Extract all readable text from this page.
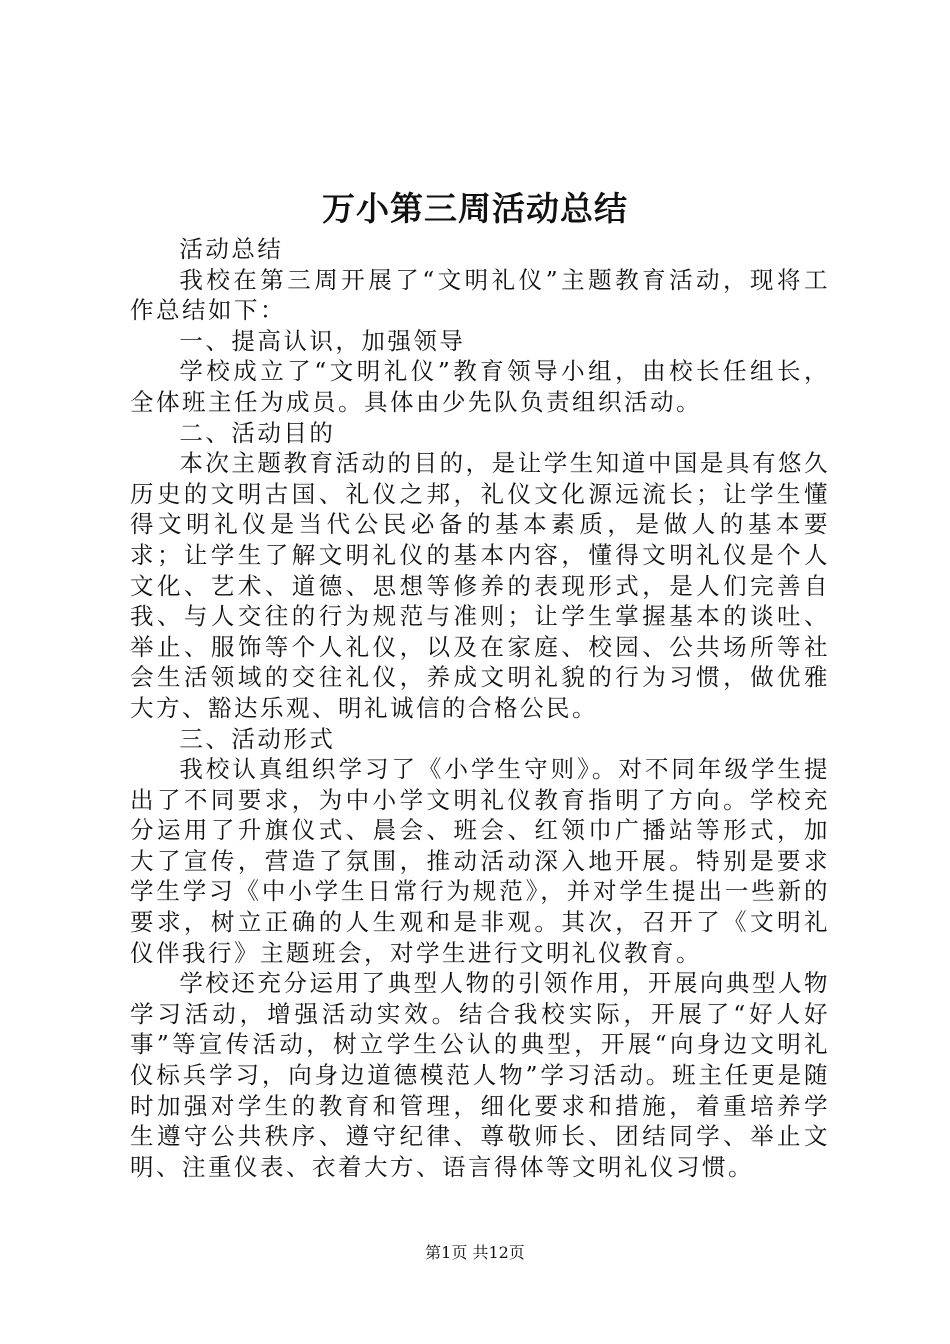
万小第三周活动总结

活动总结

我校在第三周开展了“文明礼仪”主题教育活动，现将工作总结如下：

一、提高认识，加强领导

学校成立了“文明礼仪”教育领导小组，由校长任组长，全体班主任为成员。具体由少先队负责组织活动。

二、活动目的

本次主题教育活动的目的，是让学生知道中国是具有悠久历史的文明古国、礼仪之邦，礼仪文化源远流长；让学生懂得文明礼仪是当代公民必备的基本素质，是做人的基本要求；让学生了解文明礼仪的基本内容，懂得文明礼仪是个人文化、艺术、道德、思想等修养的表现形式，是人们完善自我、与人交往的行为规范与准则；让学生掌握基本的谈吐、举止、服饰等个人礼仪，以及在家庭、校园、公共场所等社会生活领域的交往礼仪，养成文明礼貌的行为习惯，做优雅大方、豁达乐观、明礼诚信的合格公民。

三、活动形式

我校认真组织学习了《小学生守则》。对不同年级学生提出了不同要求，为中小学文明礼仪教育指明了方向。学校充分运用了升旗仪式、晨会、班会、红领巾广播站等形式，加大了宣传，营造了氛围，推动活动深入地开展。特别是要求学生学习《中小学生日常行为规范》，并对学生提出一些新的要求，树立正确的人生观和是非观。其次，召开了《文明礼仪伴我行》主题班会，对学生进行文明礼仪教育。

学校还充分运用了典型人物的引领作用，开展向典型人物学习活动，增强活动实效。结合我校实际，开展了“好人好事”等宣传活动，树立学生公认的典型，开展“向身边文明礼仪标兵学习，向身边道德模范人物”学习活动。班主任更是随时加强对学生的教育和管理，细化要求和措施，着重培养学生遵守公共秩序、遵守纪律、尊敬师长、团结同学、举止文明、注重仪表、衣着大方、语言得体等文明礼仪习惯。

第1页 共12页
